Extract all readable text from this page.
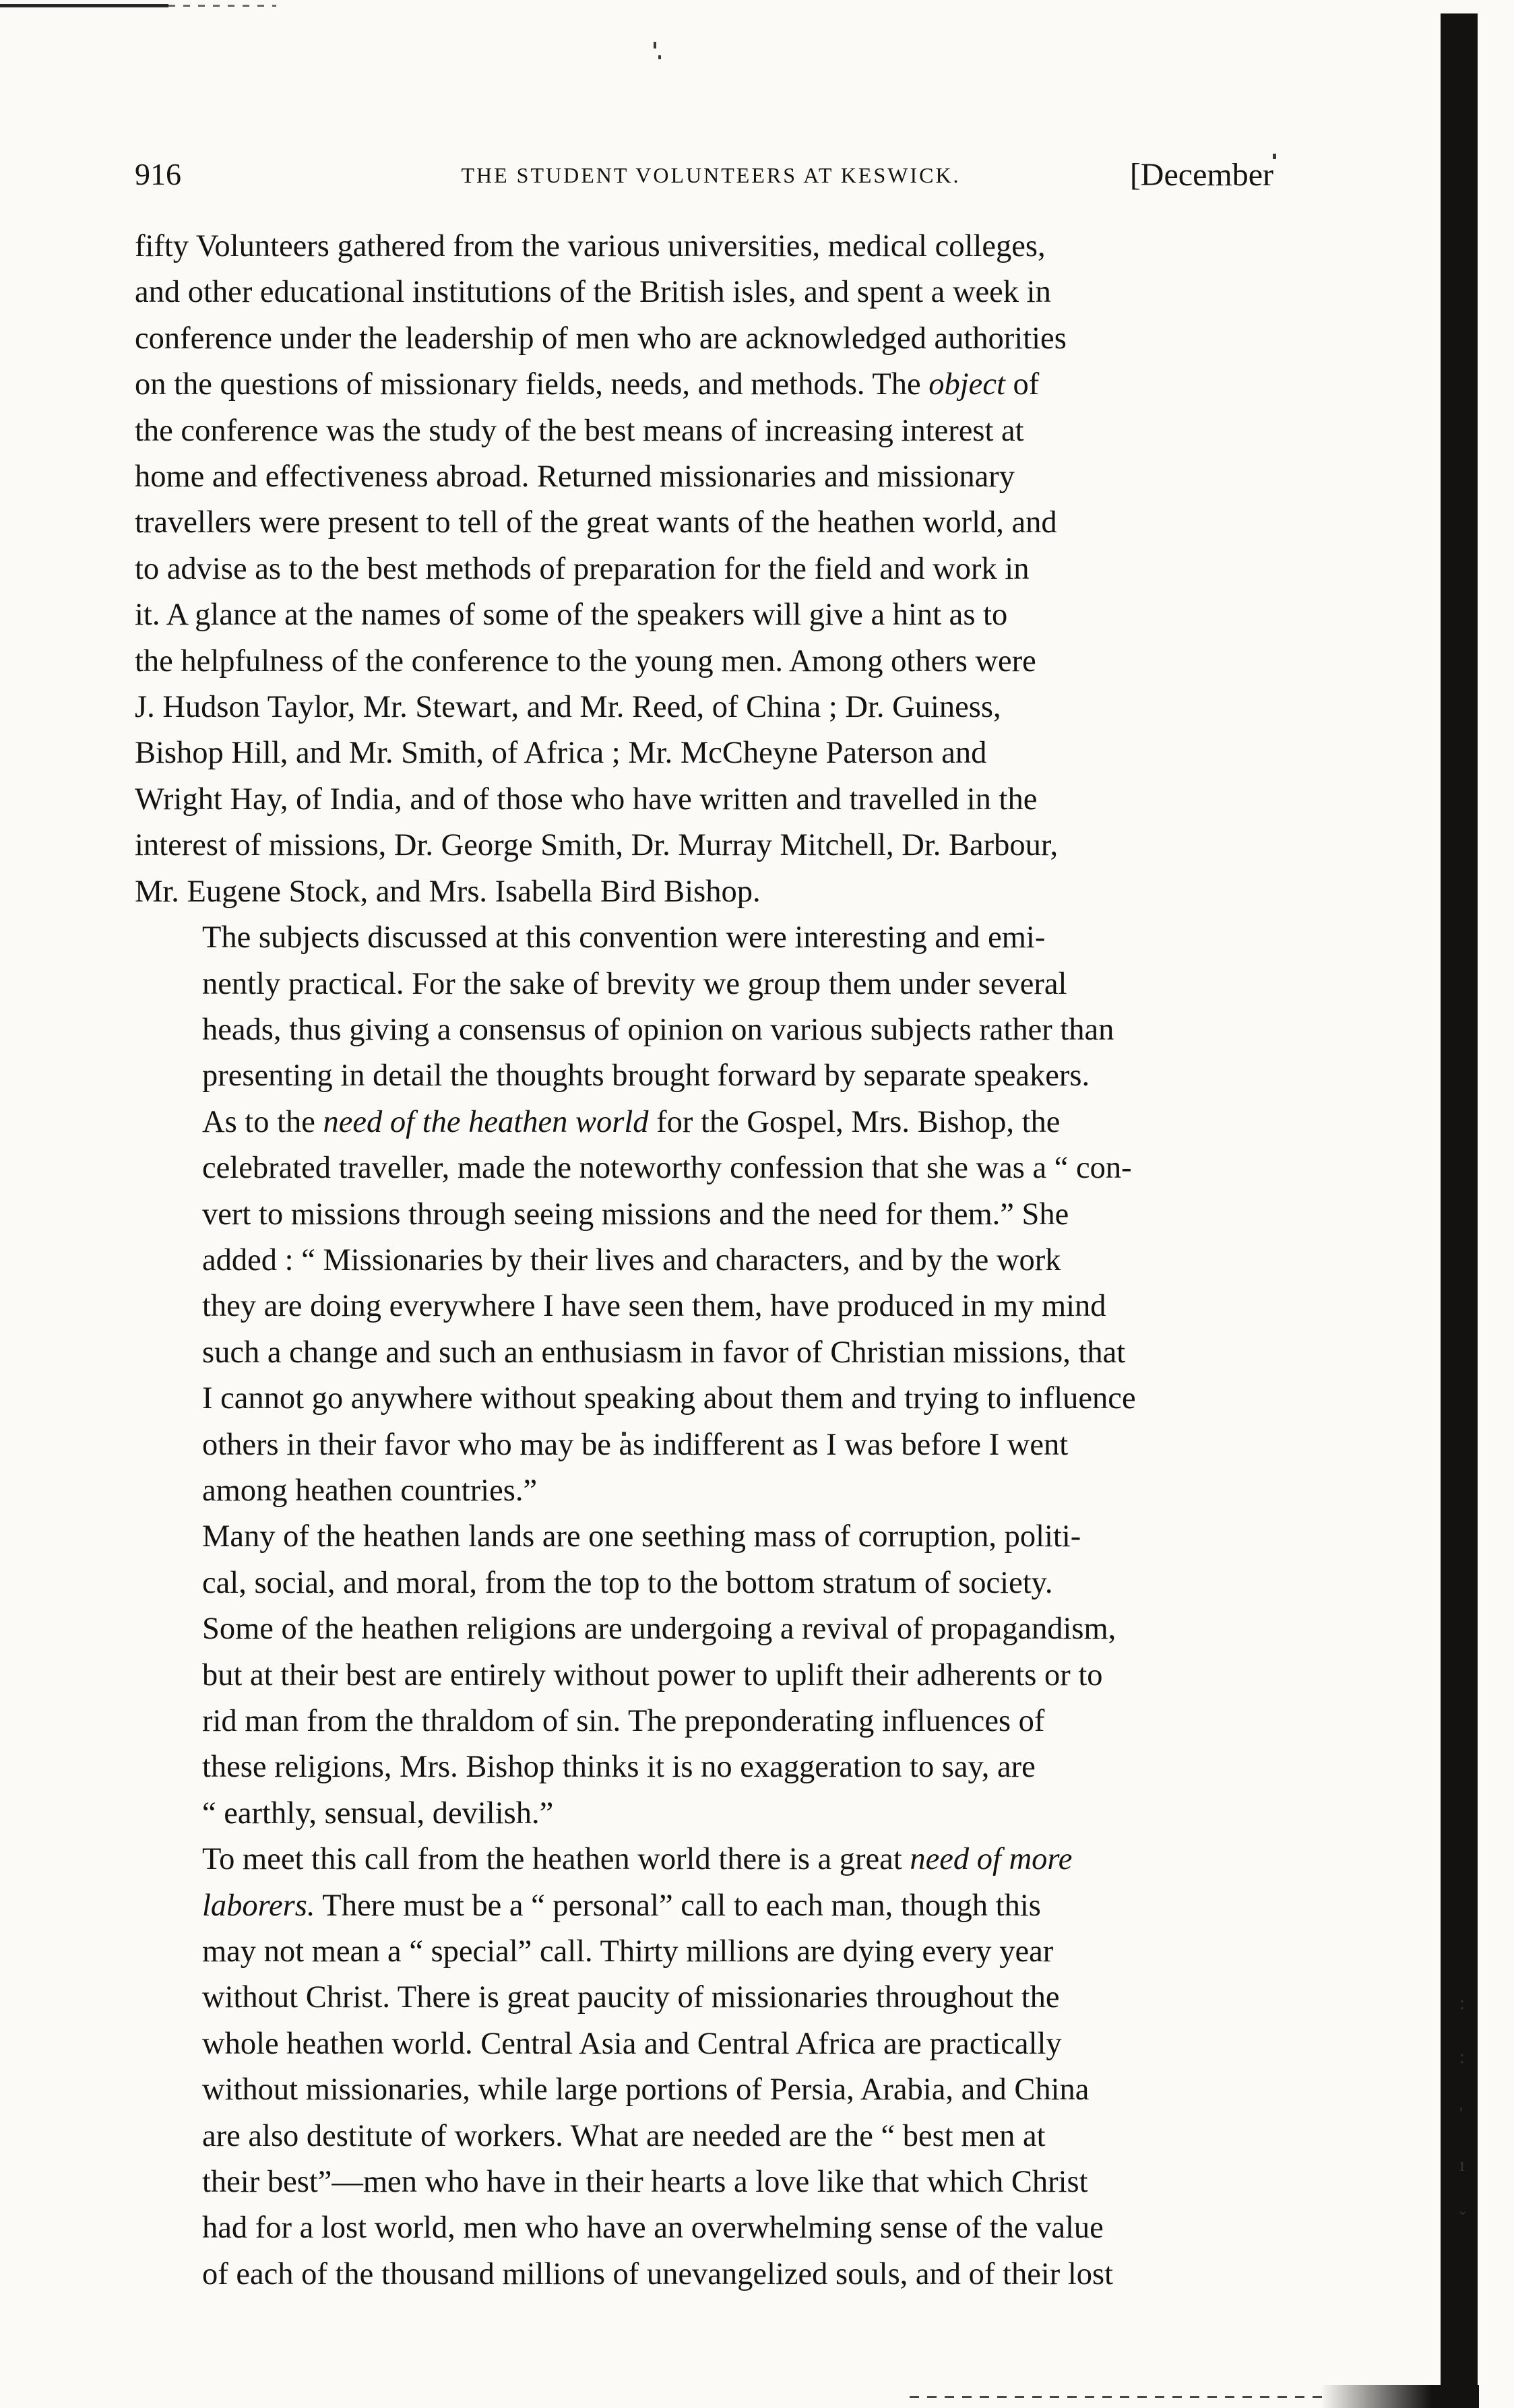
:
:
'
ı
ˇ
916	THE STUDENT VOLUNTEERS AT KESWICK.	[December

fifty Volunteers gathered from the various universities, medical colleges,
and other educational institutions of the British isles, and spent a week in
conference under the leadership of men who are acknowledged authorities
on the questions of missionary fields, needs, and methods. The object of
the conference was the study of the best means of increasing interest at
home and effectiveness abroad. Returned missionaries and missionary
travellers were present to tell of the great wants of the heathen world, and
to advise as to the best methods of preparation for the field and work in
it. A glance at the names of some of the speakers will give a hint as to
the helpfulness of the conference to the young men. Among others were
J. Hudson Taylor, Mr. Stewart, and Mr. Reed, of China ; Dr. Guiness,
Bishop Hill, and Mr. Smith, of Africa ; Mr. McCheyne Paterson and
Wright Hay, of India, and of those who have written and travelled in the
interest of missions, Dr. George Smith, Dr. Murray Mitchell, Dr. Barbour,
Mr. Eugene Stock, and Mrs. Isabella Bird Bishop.

The subjects discussed at this convention were interesting and emi-
nently practical. For the sake of brevity we group them under several
heads, thus giving a consensus of opinion on various subjects rather than
presenting in detail the thoughts brought forward by separate speakers.

As to the need of the heathen world for the Gospel, Mrs. Bishop, the
celebrated traveller, made the noteworthy confession that she was a “ con-
vert to missions through seeing missions and the need for them.” She
added : “ Missionaries by their lives and characters, and by the work
they are doing everywhere I have seen them, have produced in my mind
such a change and such an enthusiasm in favor of Christian missions, that
I cannot go anywhere without speaking about them and trying to influence
others in their favor who may be as indifferent as I was before I went
among heathen countries.”

Many of the heathen lands are one seething mass of corruption, politi-
cal, social, and moral, from the top to the bottom stratum of society.
Some of the heathen religions are undergoing a revival of propagandism,
but at their best are entirely without power to uplift their adherents or to
rid man from the thraldom of sin. The preponderating influences of
these religions, Mrs. Bishop thinks it is no exaggeration to say, are
“ earthly, sensual, devilish.”

To meet this call from the heathen world there is a great need of more
laborers. There must be a “ personal” call to each man, though this
may not mean a “ special” call. Thirty millions are dying every year
without Christ. There is great paucity of missionaries throughout the
whole heathen world. Central Asia and Central Africa are practically
without missionaries, while large portions of Persia, Arabia, and China
are also destitute of workers. What are needed are the “ best men at
their best”—men who have in their hearts a love like that which Christ
had for a lost world, men who have an overwhelming sense of the value
of each of the thousand millions of unevangelized souls, and of their lost
